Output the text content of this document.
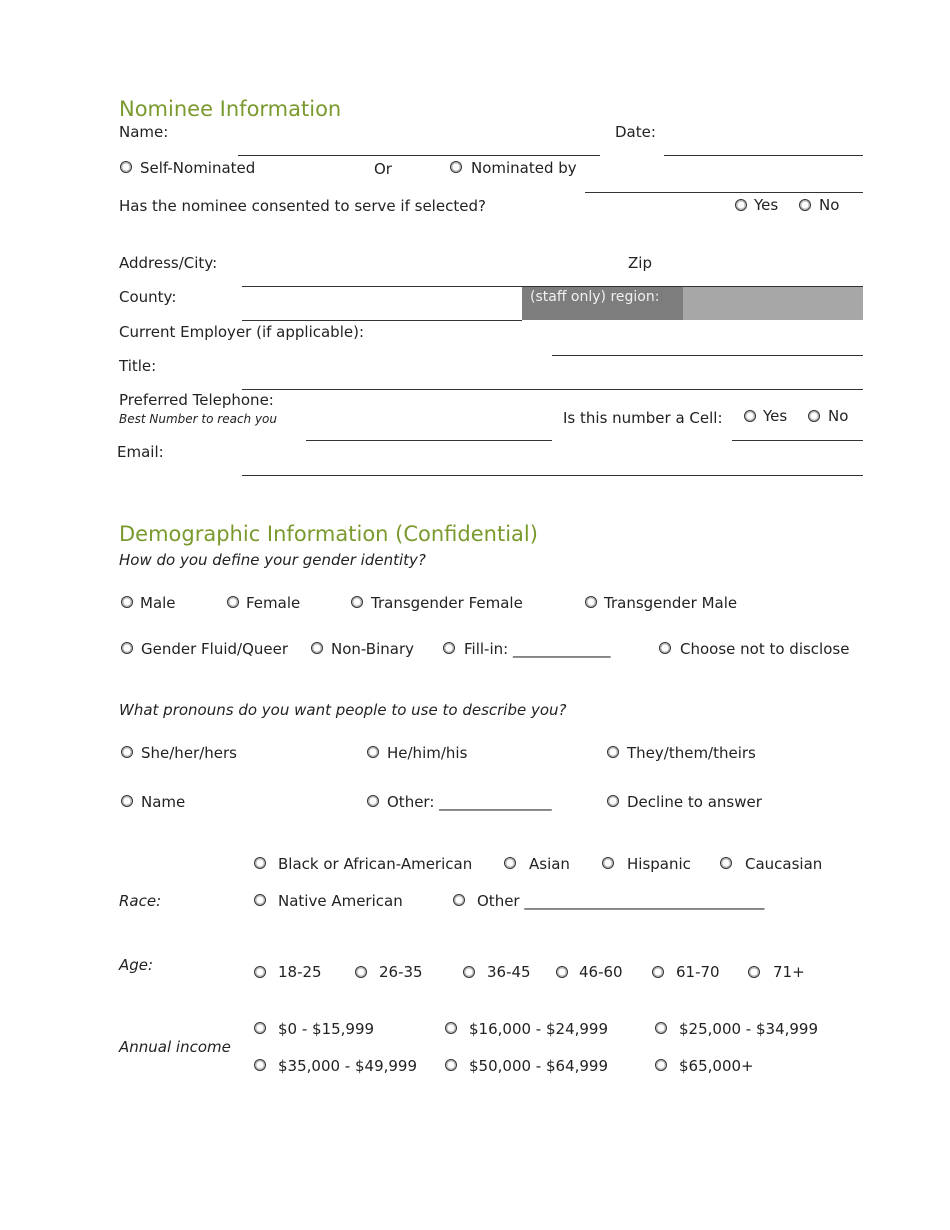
Nominee Information
Name:	Date:
Self-Nominated	Or	Nominated by
Has the nominee consented to serve if selected?	Yes	No
Address/City:	Zip
County:	(staff only) region:
Current Employer (if applicable):
Title:
Preferred Telephone:
Best Number to reach you	Is this number a Cell:	Yes	No
Email:
Demographic Information (Confidential)
How do you define your gender identity?
Male	Female	Transgender Female	Transgender Male
Gender Fluid/Queer	Non-Binary	Fill-in: _____________	Choose not to disclose
What pronouns do you want people to use to describe you?
She/her/hers	He/him/his	They/them/theirs
Name	Other: _______________	Decline to answer
Race:
Black or African-American	Asian	Hispanic	Caucasian
Native American	Other ________________________________
Age:	18-25	26-35	36-45	46-60	61-70	71+
Annual income
$0 - $15,999	$16,000 - $24,999	$25,000 - $34,999
$35,000 - $49,999	$50,000 - $64,999	$65,000+
